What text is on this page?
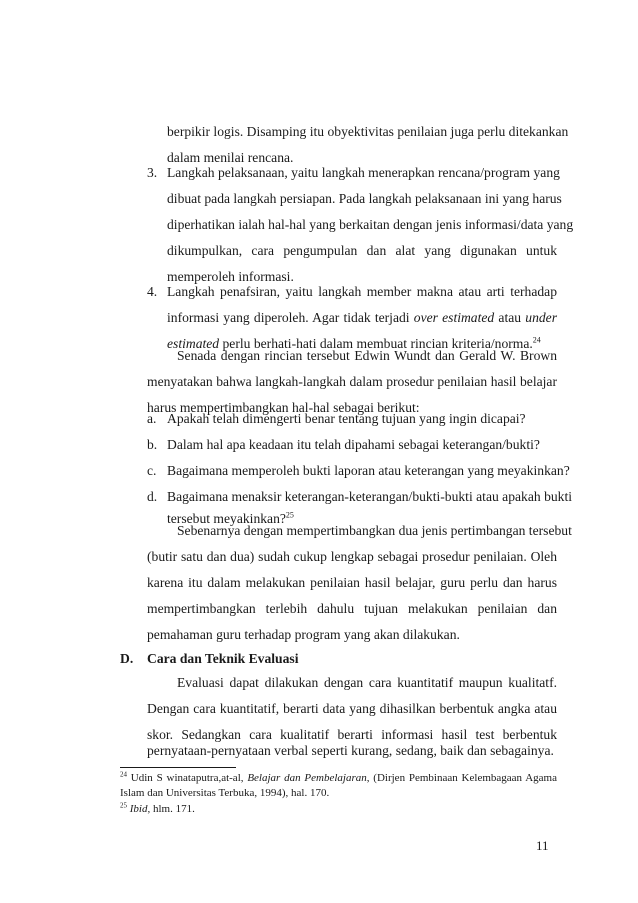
berpikir logis. Disamping itu obyektivitas penilaian juga perlu ditekankan
dalam menilai rencana.
3. Langkah pelaksanaan, yaitu langkah menerapkan rencana/program yang
dibuat pada langkah persiapan. Pada langkah pelaksanaan ini yang harus
diperhatikan ialah hal-hal yang berkaitan dengan jenis informasi/data yang
dikumpulkan, cara pengumpulan dan alat yang digunakan untuk
memperoleh informasi.
4. Langkah penafsiran, yaitu langkah member makna atau arti terhadap
informasi yang diperoleh. Agar tidak terjadi over estimated atau under
estimated perlu berhati-hati dalam membuat rincian kriteria/norma.$^{24}$
Senada dengan rincian tersebut Edwin Wundt dan Gerald W. Brown
menyatakan bahwa langkah-langkah dalam prosedur penilaian hasil belajar
harus mempertimbangkan hal-hal sebagai berikut:
a. Apakah telah dimengerti benar tentang tujuan yang ingin dicapai?
b. Dalam hal apa keadaan itu telah dipahami sebagai keterangan/bukti?
c. Bagaimana memperoleh bukti laporan atau keterangan yang meyakinkan?
d. Bagaimana menaksir keterangan-keterangan/bukti-bukti atau apakah bukti
tersebut meyakinkan?$^{25}$
Sebenarnya dengan mempertimbangkan dua jenis pertimbangan tersebut
(butir satu dan dua) sudah cukup lengkap sebagai prosedur penilaian. Oleh
karena itu dalam melakukan penilaian hasil belajar, guru perlu dan harus
mempertimbangkan terlebih dahulu tujuan melakukan penilaian dan
pemahaman guru terhadap program yang akan dilakukan.
D. Cara dan Teknik Evaluasi
Evaluasi dapat dilakukan dengan cara kuantitatif maupun kualitatf.
Dengan cara kuantitatif, berarti data yang dihasilkan berbentuk angka atau
skor. Sedangkan cara kualitatif berarti informasi hasil test berbentuk
pernyataan-pernyataan verbal seperti kurang, sedang, baik dan sebagainya.
$^{24}$ Udin S winataputra,at-al, Belajar dan Pembelajaran, (Dirjen Pembinaan Kelembagaan Agama
Islam dan Universitas Terbuka, 1994), hal. 170.
$^{25}$ Ibid, hlm. 171.
11
